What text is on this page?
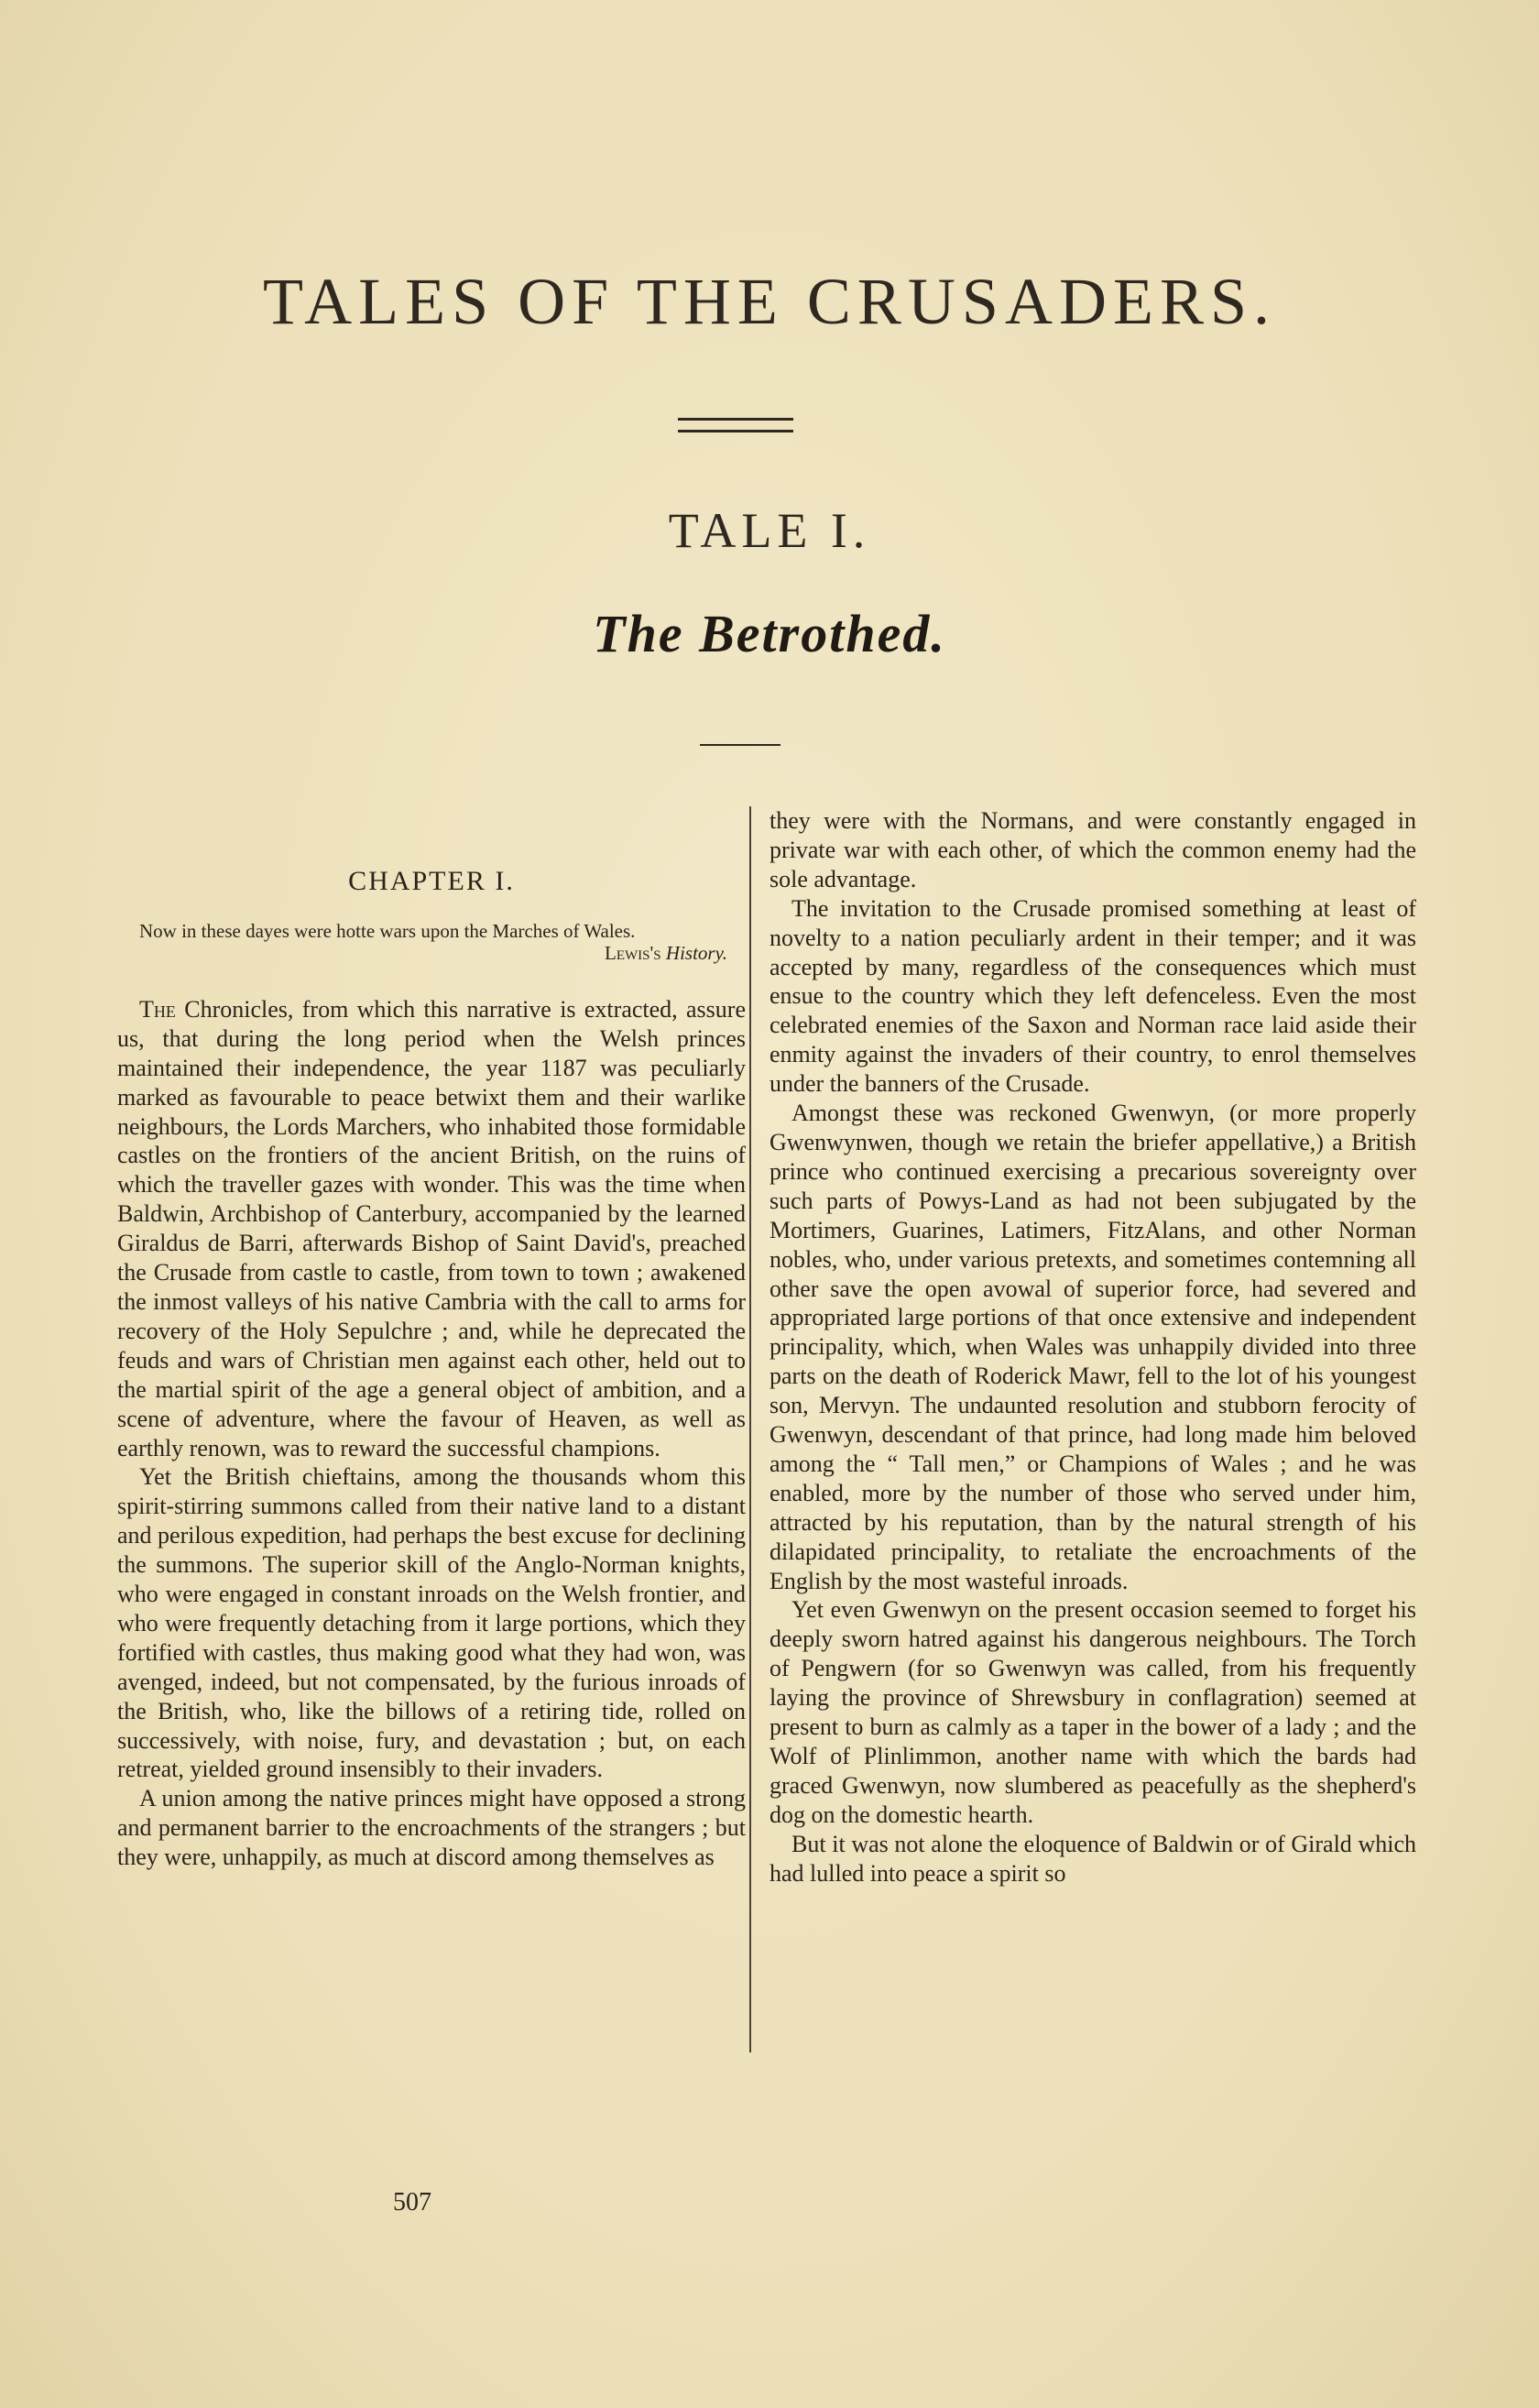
TALES OF THE CRUSADERS.
TALE I.
The Betrothed.
CHAPTER I.
Now in these dayes were hotte wars upon the Marches of Wales.
Lewis's History.

The Chronicles, from which this narrative is extracted, assure us, that during the long period when the Welsh princes maintained their independence, the year 1187 was peculiarly marked as favourable to peace betwixt them and their warlike neighbours, the Lords Marchers, who inhabited those formidable castles on the frontiers of the ancient British, on the ruins of which the traveller gazes with wonder. This was the time when Baldwin, Archbishop of Canterbury, accompanied by the learned Giraldus de Barri, afterwards Bishop of Saint David's, preached the Crusade from castle to castle, from town to town ; awakened the inmost valleys of his native Cambria with the call to arms for recovery of the Holy Sepulchre ; and, while he deprecated the feuds and wars of Christian men against each other, held out to the martial spirit of the age a general object of ambition, and a scene of adventure, where the favour of Heaven, as well as earthly renown, was to reward the successful champions.

Yet the British chieftains, among the thousands whom this spirit-stirring summons called from their native land to a distant and perilous expedition, had perhaps the best excuse for declining the summons. The superior skill of the Anglo-Norman knights, who were engaged in constant inroads on the Welsh frontier, and who were frequently detaching from it large portions, which they fortified with castles, thus making good what they had won, was avenged, indeed, but not compensated, by the furious inroads of the British, who, like the billows of a retiring tide, rolled on successively, with noise, fury, and devastation ; but, on each retreat, yielded ground insensibly to their invaders.

A union among the native princes might have opposed a strong and permanent barrier to the encroachments of the strangers ; but they were, unhappily, as much at discord among themselves as

they were with the Normans, and were constantly engaged in private war with each other, of which the common enemy had the sole advantage.

The invitation to the Crusade promised something at least of novelty to a nation peculiarly ardent in their temper; and it was accepted by many, regardless of the consequences which must ensue to the country which they left defenceless. Even the most celebrated enemies of the Saxon and Norman race laid aside their enmity against the invaders of their country, to enrol themselves under the banners of the Crusade.

Amongst these was reckoned Gwenwyn, (or more properly Gwenwynwen, though we retain the briefer appellative,) a British prince who continued exercising a precarious sovereignty over such parts of Powys-Land as had not been subjugated by the Mortimers, Guarines, Latimers, FitzAlans, and other Norman nobles, who, under various pretexts, and sometimes contemning all other save the open avowal of superior force, had severed and appropriated large portions of that once extensive and independent principality, which, when Wales was unhappily divided into three parts on the death of Roderick Mawr, fell to the lot of his youngest son, Mervyn. The undaunted resolution and stubborn ferocity of Gwenwyn, descendant of that prince, had long made him beloved among the “ Tall men,” or Champions of Wales ; and he was enabled, more by the number of those who served under him, attracted by his reputation, than by the natural strength of his dilapidated principality, to retaliate the encroachments of the English by the most wasteful inroads.

Yet even Gwenwyn on the present occasion seemed to forget his deeply sworn hatred against his dangerous neighbours. The Torch of Pengwern (for so Gwenwyn was called, from his frequently laying the province of Shrewsbury in conflagration) seemed at present to burn as calmly as a taper in the bower of a lady ; and the Wolf of Plinlimmon, another name with which the bards had graced Gwenwyn, now slumbered as peacefully as the shepherd's dog on the domestic hearth.

But it was not alone the eloquence of Baldwin or of Girald which had lulled into peace a spirit so

507
